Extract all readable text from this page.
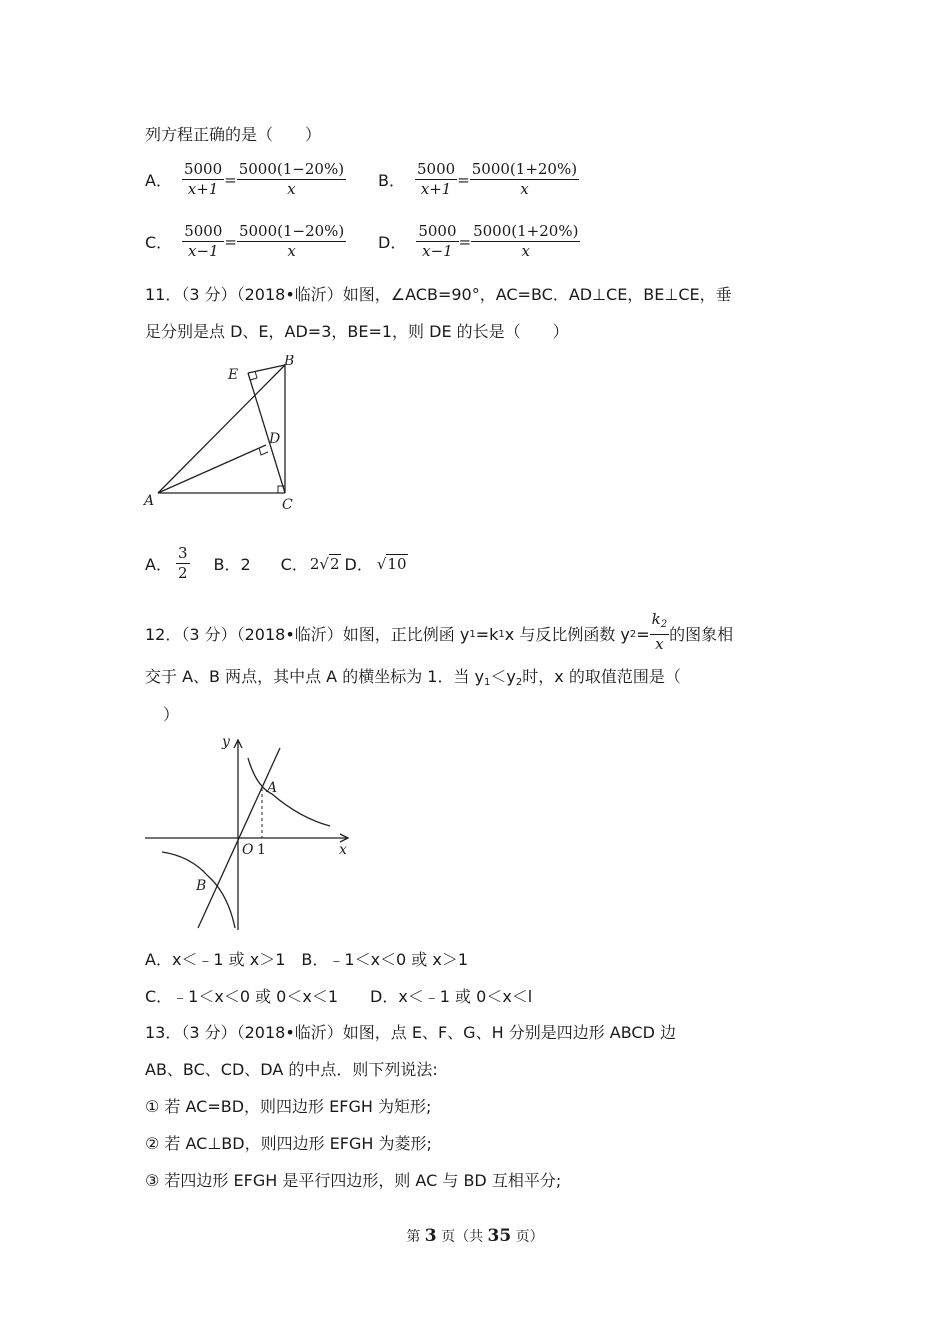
列方程正确的是（　　）
A． $\frac{5000}{x+1} = \frac{5000(1-20\%)}{x}$ B． $\frac{5000}{x+1} = \frac{5000(1+20\%)}{x}$
C． $\frac{5000}{x-1} = \frac{5000(1-20\%)}{x}$ D． $\frac{5000}{x-1} = \frac{5000(1+20\%)}{x}$
11．（3 分）（2018•临沂）如图，∠ACB=90°，AC=BC．AD⊥CE，BE⊥CE，垂
足分别是点 D、E，AD=3，BE=1，则 DE 的长是（　　）
A
B
C
D
E
A． $\frac{3}{2}$ B．2 C． 2 √ 2 D． √ 10
12．（3 分）（2018•临沂）如图，正比例函 y 1 =k 1 x 与反比例函数 y $2 = \frac{k_2}{x}$ 的图象相
交于 A、B 两点，其中点 A 的横坐标为 1．当 $y_1<y_2$时，x 的取值范围是（
）
y
x
O 1
A
B
A．x＜﹣1 或 x＞1　B．﹣1＜x＜0 或 x＞1
C．﹣1＜x＜0 或 0＜x＜1　　D．x＜﹣1 或 0＜x＜l
13．（3 分）（2018•临沂）如图，点 E、F、G、H 分别是四边形 ABCD 边
AB、BC、CD、DA 的中点．则下列说法:
① 若 AC=BD，则四边形 EFGH 为矩形;
② 若 AC⊥BD，则四边形 EFGH 为菱形;
③ 若四边形 EFGH 是平行四边形，则 AC 与 BD 互相平分;
第 3 页（共 35 页）
